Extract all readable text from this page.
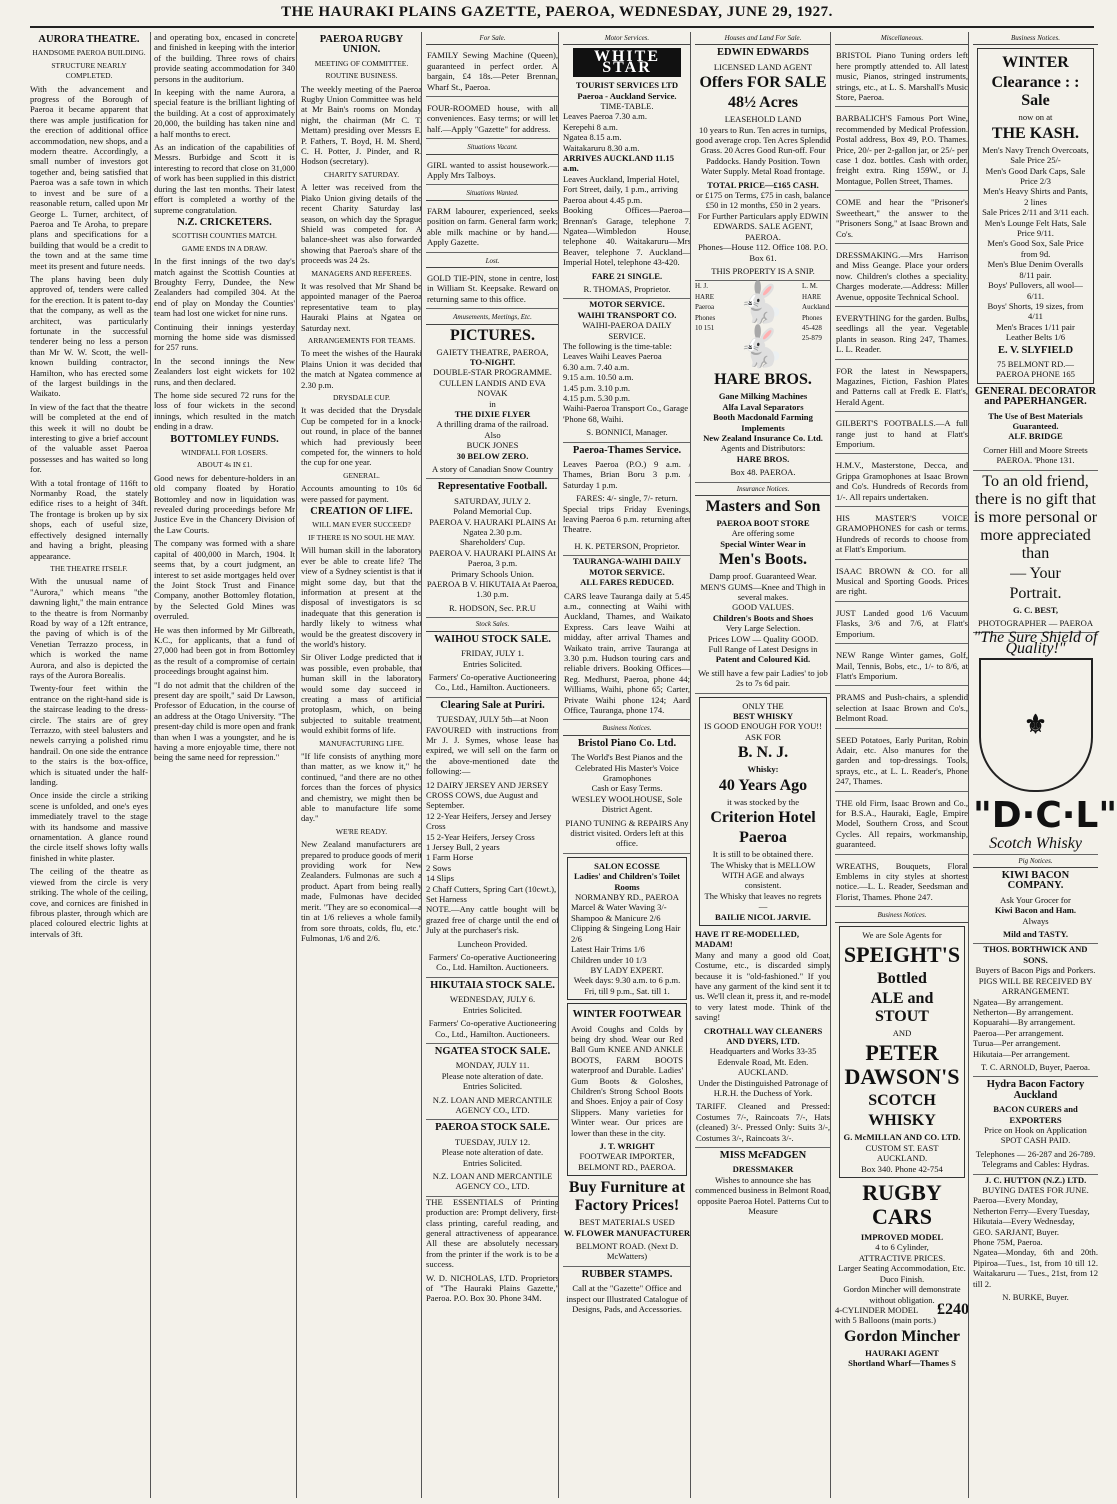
THE HAURAKI PLAINS GAZETTE, PAEROA, WEDNESDAY, JUNE 29, 1927.
AURORA THEATRE.
HANDSOME PAEROA BUILDING.
STRUCTURE NEARLY COMPLETED.

With the advancement and progress of the Borough of Paeroa it became apparent that there was ample justification for the erection of additional office accommodation, new shops, and a modern theatre. Accordingly, a small number of investors got together and, being satisfied that Paeroa was a safe town in which to invest and be sure of a reasonable return, called upon Mr George L. Turner, architect, of Paeroa and Te Aroha, to prepare plans and specifications for a building that would be a credit to the town and at the same time meet its present and future needs.

The plans having been duly approved of, tenders were called for the erection. It is patent to-day that the company, as well as the architect, was particularly fortunate in the successful tenderer being no less a person than Mr W. W. Scott, the well-known building contractor, Hamilton, who has erected some of the largest buildings in the Waikato.

In view of the fact that the theatre will be completed at the end of this week it will no doubt be interesting to give a brief account of the valuable asset Paeroa possesses and has waited so long for.

With a total frontage of 116ft to Normanby Road, the stately edifice rises to a height of 34ft. The frontage is broken up by six shops, each of useful size, effectively designed internally and having a bright, pleasing appearance.

THE THEATRE ITSELF.

With the unusual name of "Aurora," which means "the dawning light," the main entrance to the theatre is from Normanby Road by way of a 12ft entrance, the paving of which is of the Venetian Terrazzo process, in which is worked the name Aurora, and also is depicted the rays of the Aurora Borealis.

Twenty-four feet within the entrance on the right-hand side is the staircase leading to the dress-circle. The stairs are of grey Terrazzo, with steel balusters and newels carrying a polished rimu handrail. On one side the entrance to the stairs is the box-office, which is situated under the half-landing.

Once inside the circle a striking scene is unfolded, and one's eyes immediately travel to the stage with its handsome and massive ornamentation. A glance round the circle itself shows lofty walls finished in white plaster.

The ceiling of the theatre as viewed from the circle is very striking. The whole of the ceiling, cove, and cornices are finished in fibrous plaster, through which are placed coloured electric lights at intervals of 3ft.

and operating box, encased in concrete and finished in keeping with the interior of the building. Three rows of chairs provide seating accommodation for 340 persons in the auditorium.

In keeping with the name Aurora, a special feature is the brilliant lighting of the building. At a cost of approximately 20,000, the building has taken nine and a half months to erect.

As an indication of the capabilities of Messrs. Burbidge and Scott it is interesting to record that close on 31,000 of work has been supplied in this district during the last ten months. Their latest effort is completed a worthy of the supreme congratulation.

N.Z. CRICKETERS.
SCOTTISH COUNTIES MATCH.
GAME ENDS IN A DRAW.

In the first innings of the two day's match against the Scottish Counties at Broughty Ferry, Dundee, the New Zealanders had compiled 304. At the end of play on Monday the Counties' team had lost one wicket for nine runs.

Continuing their innings yesterday morning the home side was dismissed for 257 runs.

In the second innings the New Zealanders lost eight wickets for 102 runs, and then declared.

The home side secured 72 runs for the loss of four wickets in the second innings, which resulted in the match ending in a draw.

BOTTOMLEY FUNDS.
WINDFALL FOR LOSERS.
ABOUT 4s IN £1.

Good news for debenture-holders in an old company floated by Horatio Bottomley and now in liquidation was revealed during proceedings before Mr Justice Eve in the Chancery Division of the Law Courts.

The company was formed with a share capital of 400,000 in March, 1904. It seems that, by a court judgment, an interest to set aside mortgages held over the Joint Stock Trust and Finance Company, another Bottomley flotation, by the Selected Gold Mines was overruled.

He was then informed by Mr Gilbreath, K.C., for applicants, that a fund of 27,000 had been got in from Bottomley as the result of a compromise of certain proceedings brought against him.

"I do not admit that the children of the present day are spoilt," said Dr Lawson, Professor of Education, in the course of an address at the Otago University. "The present-day child is more open and frank than when I was a youngster, and he is having a more enjoyable time, there not being the same need for repression."

PAEROA RUGBY UNION.
MEETING OF COMMITTEE.
ROUTINE BUSINESS.

The weekly meeting of the Paeroa Rugby Union Committee was held at Mr Bain's rooms on Monday night, the chairman (Mr C. T. Mettam) presiding over Messrs E. P. Fathers, T. Boyd, H. M. Sherd, C. H. Potter, J. Pinder, and R. Hodson (secretary).

CHARITY SATURDAY.

A letter was received from the Piako Union giving details of the recent Charity Saturday last season, on which day the Sprague Shield was competed for. A balance-sheet was also forwarded showing that Paeroa's share of the proceeds was 24 2s.

MANAGERS AND REFEREES.

It was resolved that Mr Shand be appointed manager of the Paeroa representative team to play Hauraki Plains at Ngatea on Saturday next.

ARRANGEMENTS FOR TEAMS.

To meet the wishes of the Hauraki Plains Union it was decided that the match at Ngatea commence at 2.30 p.m.

DRYSDALE CUP.

It was decided that the Drysdale Cup be competed for in a knock-out round, in place of the banner which had previously been competed for, the winners to hold the cup for one year.

GENERAL.

Accounts amounting to 10s 6d were passed for payment.

CREATION OF LIFE.
WILL MAN EVER SUCCEED?
IF THERE IS NO SOUL HE MAY.

Will human skill in the laboratory ever be able to create life? The view of a Sydney scientist is that it might some day, but that the information at present at the disposal of investigators is so inadequate that this generation is hardly likely to witness what would be the greatest discovery in the world's history.

Sir Oliver Lodge predicted that it was possible, even probable, that human skill in the laboratory would some day succeed in creating a mass of artificial protoplasm, which, on being subjected to suitable treatment, would exhibit forms of life.

MANUFACTURING LIFE.

"If life consists of anything more than matter, as we know it," he continued, "and there are no other forces than the forces of physics and chemistry, we might then be able to manufacture life some day."

WE'RE READY.

New Zealand manufacturers are prepared to produce goods of merit providing work for New Zealanders. Fulmonas are such a product. Apart from being really made, Fulmonas have decided merit. "They are so economical—a tin at 1/6 relieves a whole family from sore throats, colds, flu, etc." Fulmonas, 1/6 and 2/6.

For Sale.

FAMILY Sewing Machine (Queen), guaranteed in perfect order. A bargain, £4 18s.—Peter Brennan, Wharf St., Paeroa.

FOUR-ROOMED house, with all conveniences. Easy terms; or will let half.—Apply "Gazette" for address.

Situations Vacant.

GIRL wanted to assist housework.—Apply Mrs Talboys.

Situations Wanted.

FARM labourer, experienced, seeks position on farm. General farm work; able milk machine or by hand.—Apply Gazette.

Lost.

GOLD TIE-PIN, stone in centre, lost in William St. Keepsake. Reward on returning same to this office.

Amusements, Meetings, Etc.
PICTURES.
GAIETY THEATRE, PAEROA,
TO-NIGHT.
DOUBLE-STAR PROGRAMME.
CULLEN LANDIS AND EVA NOVAK
in
THE DIXIE FLYER
A thrilling drama of the railroad.
Also
BUCK JONES
30 BELOW ZERO.
A story of Canadian Snow Country
Representative Football.
SATURDAY, JULY 2.
Poland Memorial Cup.
PAEROA V. HAURAKI PLAINS At Ngatea 2.30 p.m.
Shareholders' Cup.
PAEROA V. HAURAKI PLAINS At Paeroa, 3 p.m.
Primary Schools Union.
PAEROA B V. HIKUTAIA At Paeroa, 1.30 p.m.
R. HODSON, Sec. P.R.U
Stock Sales.
WAIHOU STOCK SALE.
FRIDAY, JULY 1.
Entries Solicited.
Farmers' Co-operative Auctioneering Co., Ltd., Hamilton. Auctioneers.
Clearing Sale at Puriri.
TUESDAY, JULY 5th—at Noon

FAVOURED with instructions from Mr J. J. Symes, whose lease has expired, we will sell on the farm on the above-mentioned date the following:—

12 DAIRY JERSEY AND JERSEY CROSS COWS, due August and September.
12 2-Year Heifers, Jersey and Jersey Cross
15 2-Year Heifers, Jersey Cross
1 Jersey Bull, 2 years
1 Farm Horse
2 Sows
14 Slips
2 Chaff Cutters, Spring Cart (10cwt.), Set Harness

NOTE.—Any cattle bought will be grazed free of charge until the end of July at the purchaser's risk.

Luncheon Provided.
Farmers' Co-operative Auctioneering Co., Ltd. Hamilton. Auctioneers.
HIKUTAIA STOCK SALE.
WEDNESDAY, JULY 6.
Entries Solicited.
Farmers' Co-operative Auctioneering Co., Ltd., Hamilton. Auctioneers.
NGATEA STOCK SALE.
MONDAY, JULY 11.
Please note alteration of date.
Entries Solicited.
N.Z. LOAN AND MERCANTILE AGENCY CO., LTD.
PAEROA STOCK SALE.
TUESDAY, JULY 12.
Please note alteration of date.
Entries Solicited.
N.Z. LOAN AND MERCANTILE AGENCY CO., LTD.

THE ESSENTIALS of Printing production are: Prompt delivery, first-class printing, careful reading, and general attractiveness of appearance. All these are absolutely necessary from the printer if the work is to be a success.

W. D. NICHOLAS, LTD. Proprietors of "The Hauraki Plains Gazette," Paeroa. P.O. Box 30. Phone 34M.

Motor Services.
WHITE STAR
TOURIST SERVICES LTD
Paeroa - Auckland Service.
TIME-TABLE.
Leaves Paeroa 7.30 a.m.
Kerepehi 8 a.m.
Ngatea 8.15 a.m.
Waitakaruru 8.30 a.m.
ARRIVES AUCKLAND 11.15 a.m.
Leaves Auckland, Imperial Hotel, Fort Street, daily, 1 p.m., arriving Paeroa about 4.45 p.m.

Booking Offices—Paeroa—Brennan's Garage, telephone 7. Ngatea—Wimbledon House, telephone 40. Waitakaruru—Mrs Beaver, telephone 7. Auckland—Imperial Hotel, telephone 43-420.

FARE 21 SINGLE.
R. THOMAS, Proprietor.
MOTOR SERVICE.
WAIHI TRANSPORT CO.
WAIHI-PAEROA DAILY SERVICE.
The following is the time-table:
Leaves Waihi Leaves Paeroa
6.30 a.m. 7.40 a.m.
9.15 a.m. 10.50 a.m.
1.45 p.m. 3.10 p.m.
4.15 p.m. 5.30 p.m.
Waihi-Paeroa Transport Co., Garage 'Phone 68, Waihi.
S. BONNICI, Manager.
Paeroa-Thames Service.

Leaves Paeroa (P.O.) 9 a.m. / Thames, Brian Boru 3 p.m. / Saturday 1 p.m.

FARES: 4/- single, 7/- return.

Special trips Friday Evenings, leaving Paeroa 6 p.m. returning after Theatre.

H. K. PETERSON, Proprietor.
TAURANGA-WAIHI DAILY MOTOR SERVICE.
ALL FARES REDUCED.

CARS leave Tauranga daily at 5.45 a.m., connecting at Waihi with Auckland, Thames, and Waikato Express. Cars leave Waihi at midday, after arrival Thames and Waikato train, arrive Tauranga at 3.30 p.m. Hudson touring cars and reliable drivers. Booking Offices—Reg. Medhurst, Paeroa, phone 44; Williams, Waihi, phone 65; Carter, Private Waihi phone 124; Aard Office, Tauranga, phone 174.

Business Notices.
Bristol Piano Co. Ltd.
The World's Best Pianos and the Celebrated His Master's Voice Gramophones
Cash or Easy Terms.
WESLEY WOOLHOUSE, Sole District Agent.
PIANO TUNING & REPAIRS Any district visited. Orders left at this office.
SALON ECOSSE
Ladies' and Children's Toilet Rooms
NORMANBY RD., PAEROA
Marcel & Water Waving 3/-
Shampoo & Manicure 2/6
Clipping & Singeing Long Hair 2/6
Latest Hair Trims 1/6
Children under 10 1/3
BY LADY EXPERT.
Week days: 9.30 a.m. to 6 p.m. Fri, till 9 p.m., Sat. till 1.
WINTER FOOTWEAR

Avoid Coughs and Colds by being dry shod. Wear our Red Ball Gum KNEE AND ANKLE BOOTS, FARM BOOTS waterproof and Durable. Ladies' Gum Boots & Goloshes, Children's Strong School Boots and Shoes. Enjoy a pair of Cosy Slippers. Many varieties for Winter wear. Our prices are lower than these in the city.

J. T. WRIGHT
FOOTWEAR IMPORTER, BELMONT RD., PAEROA.
Buy Furniture at Factory Prices!
BEST MATERIALS USED
W. FLOWER MANUFACTURER
BELMONT ROAD. (Next D. McWatters)
RUBBER STAMPS.
Call at the "Gazette" Office and inspect our Illustrated Catalogue of Designs, Pads, and Accessories.
Houses and Land For Sale.
EDWIN EDWARDS
LICENSED LAND AGENT
Offers FOR SALE
48½ Acres
LEASEHOLD LAND

10 years to Run. Ten acres in turnips, good average crop. Ten Acres Splendid Grass. 20 Acres Good Run-off. Four Paddocks. Handy Position. Town Water Supply. Metal Road frontage.

TOTAL PRICE—£165 CASH.
or £175 on Terms, £75 in cash, balance £50 in 12 months, £50 in 2 years.
For Further Particulars apply EDWIN EDWARDS. SALE AGENT, PAEROA.
Phones—House 112. Office 108. P.O. Box 61.
THIS PROPERTY IS A SNIP.
H. J. HARE Paeroa Phones 10 151
🐇🐇
L. M. HARE Auckland. Phones 45-428 25-879
HARE BROS.
Gane Milking Machines
Alfa Laval Separators
Booth Macdonald Farming Implements
New Zealand Insurance Co. Ltd.
Agents and Distributors:
HARE BROS.
Box 48. PAEROA.
Insurance Notices.
Masters and Son
PAEROA BOOT STORE
Are offering some
Special Winter Wear in
Men's Boots.
Damp proof. Guaranteed Wear.
MEN'S GUMS—Knee and Thigh in several makes.
GOOD VALUES.
Children's Boots and Shoes
Very Large Selection.
Prices LOW — Quality GOOD.
Full Range of Latest Designs in
Patent and Coloured Kid.
We still have a few pair Ladies' to job 2s to 7s 6d pair.
ONLY THE
BEST WHISKY
IS GOOD ENOUGH FOR YOU!!
ASK FOR
B. N. J.
Whisky:
40 Years Ago
it was stocked by the
Criterion Hotel
Paeroa
It is still to be obtained there.
The Whisky that is MELLOW WITH AGE and always consistent.
The Whisky that leaves no regrets—
BAILIE NICOL JARVIE.
HAVE IT RE-MODELLED, MADAM!

Many and many a good old Coat, Costume, etc., is discarded simply because it is "old-fashioned." If you have any garment of the kind sent it to us. We'll clean it, press it, and re-model to very latest mode. Think of the saving!

CROTHALL WAY CLEANERS AND DYERS, LTD.
Headquarters and Works 33-35 Edenvale Road, Mt. Eden. AUCKLAND.
Under the Distinguished Patronage of H.R.H. the Duchess of York.

TARIFF. Cleaned and Pressed: Costumes 7/-, Raincoats 7/-, Hats (cleaned) 3/-. Pressed Only: Suits 3/-, Costumes 3/-, Raincoats 3/-.

MISS McFADGEN
DRESSMAKER

Wishes to announce she has commenced business in Belmont Road, opposite Paeroa Hotel. Patterns Cut to Measure

Miscellaneous.

BRISTOL Piano Tuning orders left here promptly attended to. All latest music, Pianos, stringed instruments, strings, etc., at L. S. Marshall's Music Store, Paeroa.

BARBALICH'S Famous Port Wine, recommended by Medical Profession. Postal address, Box 49, P.O. Thames. Price, 20/- per 2-gallon jar, or 25/- per case 1 doz. bottles. Cash with order, freight extra. Ring 159W., or J. Montague, Pollen Street, Thames.

COME and hear the "Prisoner's Sweetheart," the answer to the "Prisoners Song," at Isaac Brown and Co's.

DRESSMAKING.—Mrs Harrison and Miss Geange. Place your orders now. Children's clothes a speciality. Charges moderate.—Address: Miller Avenue, opposite Technical School.

EVERYTHING for the garden. Bulbs, seedlings all the year. Vegetable plants in season. Ring 247, Thames. L. L. Reader.

FOR the latest in Newspapers, Magazines, Fiction, Fashion Plates and Patterns call at Fredk E. Flatt's, Herald Agent.

GILBERT'S FOOTBALLS.—A full range just to hand at Flatt's Emporium.

H.M.V., Masterstone, Decca, and Grippa Gramophones at Isaac Brown and Co's. Hundreds of Records from 1/-. All repairs undertaken.

HIS MASTER'S VOICE GRAMOPHONES for cash or terms. Hundreds of records to choose from at Flatt's Emporium.

ISAAC BROWN & CO. for all Musical and Sporting Goods. Prices are right.

JUST Landed good 1/6 Vacuum Flasks, 3/6 and 7/6, at Flatt's Emporium.

NEW Range Winter games, Golf, Mail, Tennis, Bobs, etc., 1/- to 8/6, at Flatt's Emporium.

PRAMS and Push-chairs, a splendid selection at Isaac Brown and Co's., Belmont Road.

SEED Potatoes, Early Puritan, Robin Adair, etc. Also manures for the garden and top-dressings. Tools, sprays, etc., at L. L. Reader's, Phone 247, Thames.

THE old Firm, Isaac Brown and Co., for B.S.A., Hauraki, Eagle, Empire Model, Southern Cross, and Scout Cycles. All repairs, workmanship, guaranteed.

WREATHS, Bouquets, Floral Emblems in city styles at shortest notice.—L. L. Reader, Seedsman and Florist, Thames. Phone 247.

Business Notices.
We are Sole Agents for
SPEIGHT'S
Bottled
ALE and STOUT
AND
PETER DAWSON'S
SCOTCH
WHISKY
G. McMILLAN AND CO. LTD.
CUSTOM ST. EAST
AUCKLAND.
Box 340. Phone 42-754
RUGBY CARS
IMPROVED MODEL
4 to 6 Cylinder,
ATTRACTIVE PRICES.
Larger Seating Accommodation, Etc. Duco Finish.
Gordon Mincher will demonstrate without obligation.
4-CYLINDER MODEL £240
with 5 Balloons (main ports.)
Gordon Mincher
HAURAKI AGENT
Shortland Wharf—Thames S
Business Notices.
WINTER
Clearance : : Sale
now on at
THE KASH.
Men's Navy Trench Overcoats, Sale Price 25/-
Men's Good Dark Caps, Sale Price 2/3
Men's Heavy Shirts and Pants, 2 lines
Sale Prices 2/11 and 3/11 each.
Men's Lounge Felt Hats, Sale Price 9/11.
Men's Good Sox, Sale Price from 9d.
Men's Blue Denim Overalls 8/11 pair.
Boys' Pullovers, all wool—6/11.
Boys' Shorts, 19 sizes, from 4/11
Men's Braces 1/11 pair
Leather Belts 1/6
E. V. SLYFIELD
75 BELMONT RD.—PAEROA PHONE 165
GENERAL DECORATOR and PAPERHANGER.
The Use of Best Materials Guaranteed.
ALF. BRIDGE
Corner Hill and Moore Streets PAEROA. 'Phone 131.
To an old friend, there is no gift that is more personal or more appreciated than
— Your
Portrait.
G. C. BEST,
PHOTOGRAPHER — PAEROA
"The Sure Shield of Quality!"
⚜
"D·C·L"
Scotch Whisky
Pig Notices.
KIWI BACON COMPANY.
Ask Your Grocer for
Kiwi Bacon and Ham.
Always
Mild and TASTY.
THOS. BORTHWICK AND SONS.
Buyers of Bacon Pigs and Porkers.
PIGS WILL BE RECEIVED BY ARRANGEMENT.
Ngatea—By arrangement.
Netherton—By arrangement.
Kopuarahi—By arrangement.
Paeroa—Per arrangement.
Turua—Per arrangement.
Hikutaia—Per arrangement.
T. C. ARNOLD, Buyer, Paeroa.
Hydra Bacon Factory Auckland
BACON CURERS and EXPORTERS
Price on Hook on Application
SPOT CASH PAID.
Telephones — 26-287 and 26-789. Telegrams and Cables: Hydras.
J. C. HUTTON (N.Z.) LTD.
BUYING DATES FOR JUNE.
Paeroa—Every Monday,
Netherton Ferry—Every Tuesday,
Hikutaia—Every Wednesday,
GEO. SARJANT, Buyer.
Phone 75M, Paeroa.

Ngatea—Monday, 6th and 20th. Pipiroa—Tues., 1st, from 10 till 12. Waitakaruru — Tues., 21st, from 12 till 2.

N. BURKE, Buyer.
